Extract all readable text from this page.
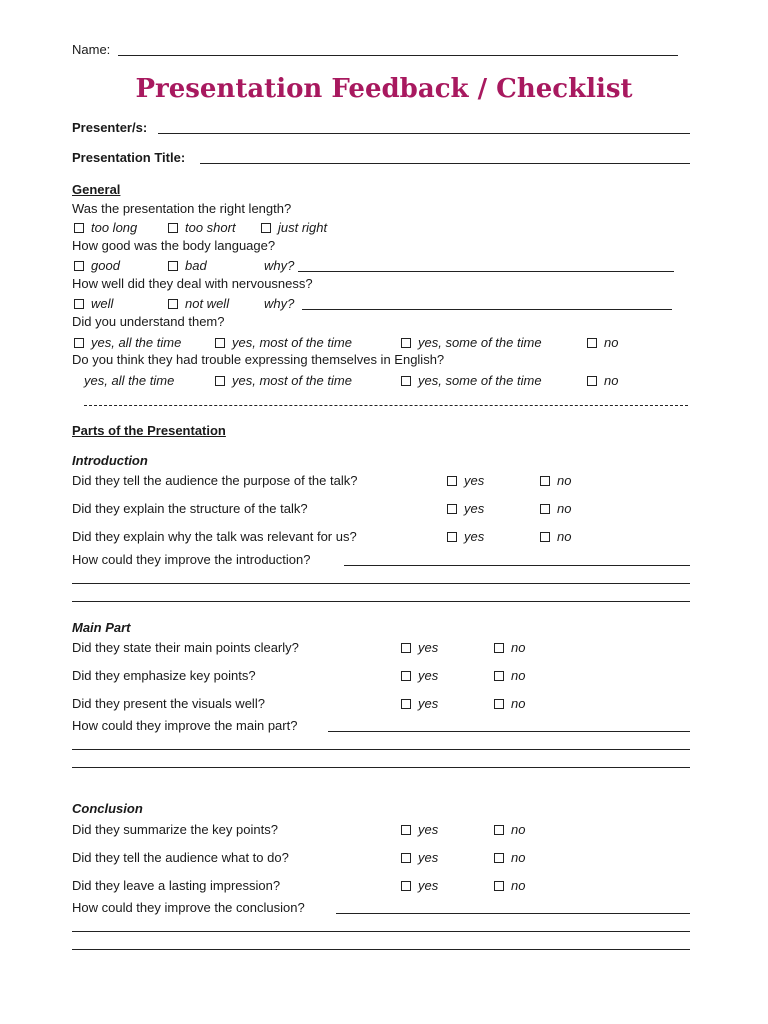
Name:
Presentation Feedback / Checklist
Presenter/s:
Presentation Title:
General
Was the presentation the right length?
too long	too short	just right
How good was the body language?
good	bad	why?
How well did they deal with nervousness?
well	not well	why?
Did you understand them?
yes, all the time	yes, most of the time	yes, some of the time	no
Do you think they had trouble expressing themselves in English?
yes, all the time	yes, most of the time	yes, some of the time	no
Parts of the Presentation
Introduction
Did they tell the audience the purpose of the talk?	yes	no
Did they explain the structure of the talk?	yes	no
Did they explain why the talk was relevant for us?	yes	no
How could they improve the introduction?
Main Part
Did they state their main points clearly?	yes	no
Did they emphasize key points?	yes	no
Did they present the visuals well?	yes	no
How could they improve the main part?
Conclusion
Did they summarize the key points?	yes	no
Did they tell the audience what to do?	yes	no
Did they leave a lasting impression?	yes	no
How could they improve the conclusion?
